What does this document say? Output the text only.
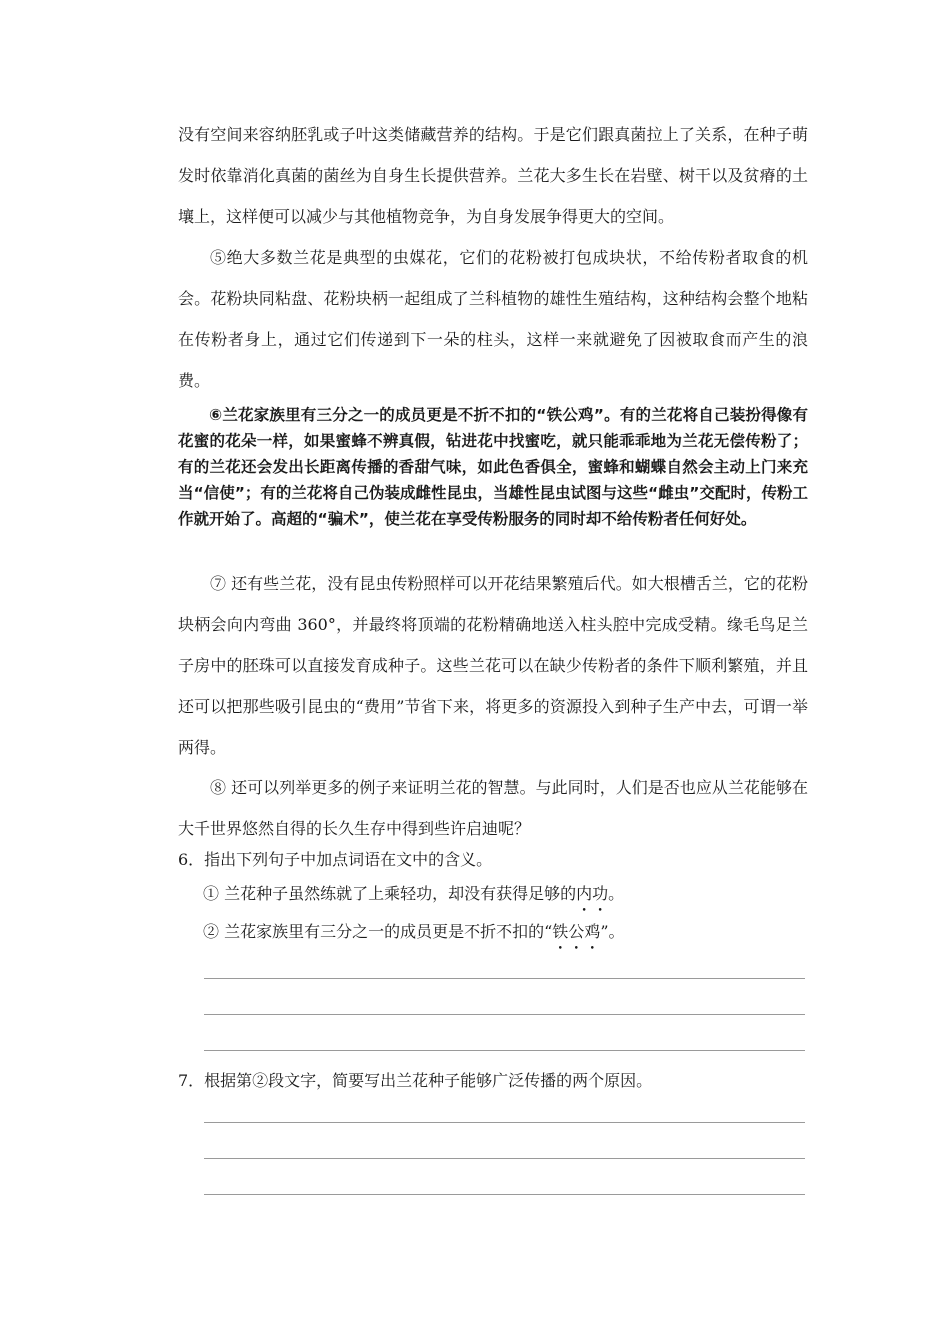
没有空间来容纳胚乳或子叶这类储藏营养的结构。于是它们跟真菌拉上了关系，在种子萌发时依靠消化真菌的菌丝为自身生长提供营养。兰花大多生长在岩壁、树干以及贫瘠的土壤上，这样便可以减少与其他植物竞争，为自身发展争得更大的空间。

⑤绝大多数兰花是典型的虫媒花，它们的花粉被打包成块状，不给传粉者取食的机会。花粉块同粘盘、花粉块柄一起组成了兰科植物的雄性生殖结构，这种结构会整个地粘在传粉者身上，通过它们传递到下一朵的柱头，这样一来就避免了因被取食而产生的浪费。

⑥兰花家族里有三分之一的成员更是不折不扣的“铁公鸡”。有的兰花将自己装扮得像有花蜜的花朵一样，如果蜜蜂不辨真假，钻进花中找蜜吃，就只能乖乖地为兰花无偿传粉了；有的兰花还会发出长距离传播的香甜气味，如此色香俱全，蜜蜂和蝴蝶自然会主动上门来充当“信使”；有的兰花将自己伪装成雌性昆虫，当雄性昆虫试图与这些“雌虫”交配时，传粉工作就开始了。高超的“骗术”，使兰花在享受传粉服务的同时却不给传粉者任何好处。

⑦ 还有些兰花，没有昆虫传粉照样可以开花结果繁殖后代。如大根槽舌兰，它的花粉块柄会向内弯曲 360°，并最终将顶端的花粉精确地送入柱头腔中完成受精。缘毛鸟足兰子房中的胚珠可以直接发育成种子。这些兰花可以在缺少传粉者的条件下顺利繁殖，并且还可以把那些吸引昆虫的“费用”节省下来，将更多的资源投入到种子生产中去，可谓一举两得。

⑧ 还可以列举更多的例子来证明兰花的智慧。与此同时，人们是否也应从兰花能够在大千世界悠然自得的长久生存中得到些许启迪呢？

6．指出下列句子中加点词语在文中的含义。

① 兰花种子虽然练就了上乘轻功，却没有获得足够的内功。

② 兰花家族里有三分之一的成员更是不折不扣的“铁公鸡”。

7．根据第②段文字，简要写出兰花种子能够广泛传播的两个原因。
